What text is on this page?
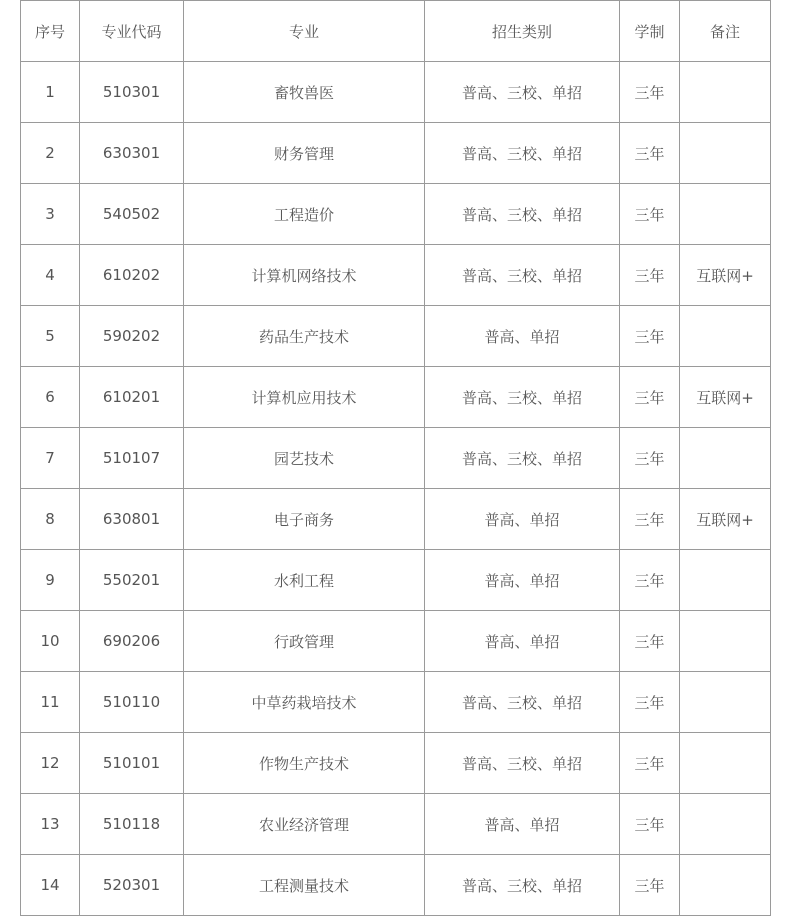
序号	专业代码	专业	招生类别	学制	备注
1	510301	畜牧兽医	普高、三校、单招	三年	
2	630301	财务管理	普高、三校、单招	三年	
3	540502	工程造价	普高、三校、单招	三年	
4	610202	计算机网络技术	普高、三校、单招	三年	互联网+
5	590202	药品生产技术	普高、单招	三年	
6	610201	计算机应用技术	普高、三校、单招	三年	互联网+
7	510107	园艺技术	普高、三校、单招	三年	
8	630801	电子商务	普高、单招	三年	互联网+
9	550201	水利工程	普高、单招	三年	
10	690206	行政管理	普高、单招	三年	
11	510110	中草药栽培技术	普高、三校、单招	三年	
12	510101	作物生产技术	普高、三校、单招	三年	
13	510118	农业经济管理	普高、单招	三年	
14	520301	工程测量技术	普高、三校、单招	三年	
